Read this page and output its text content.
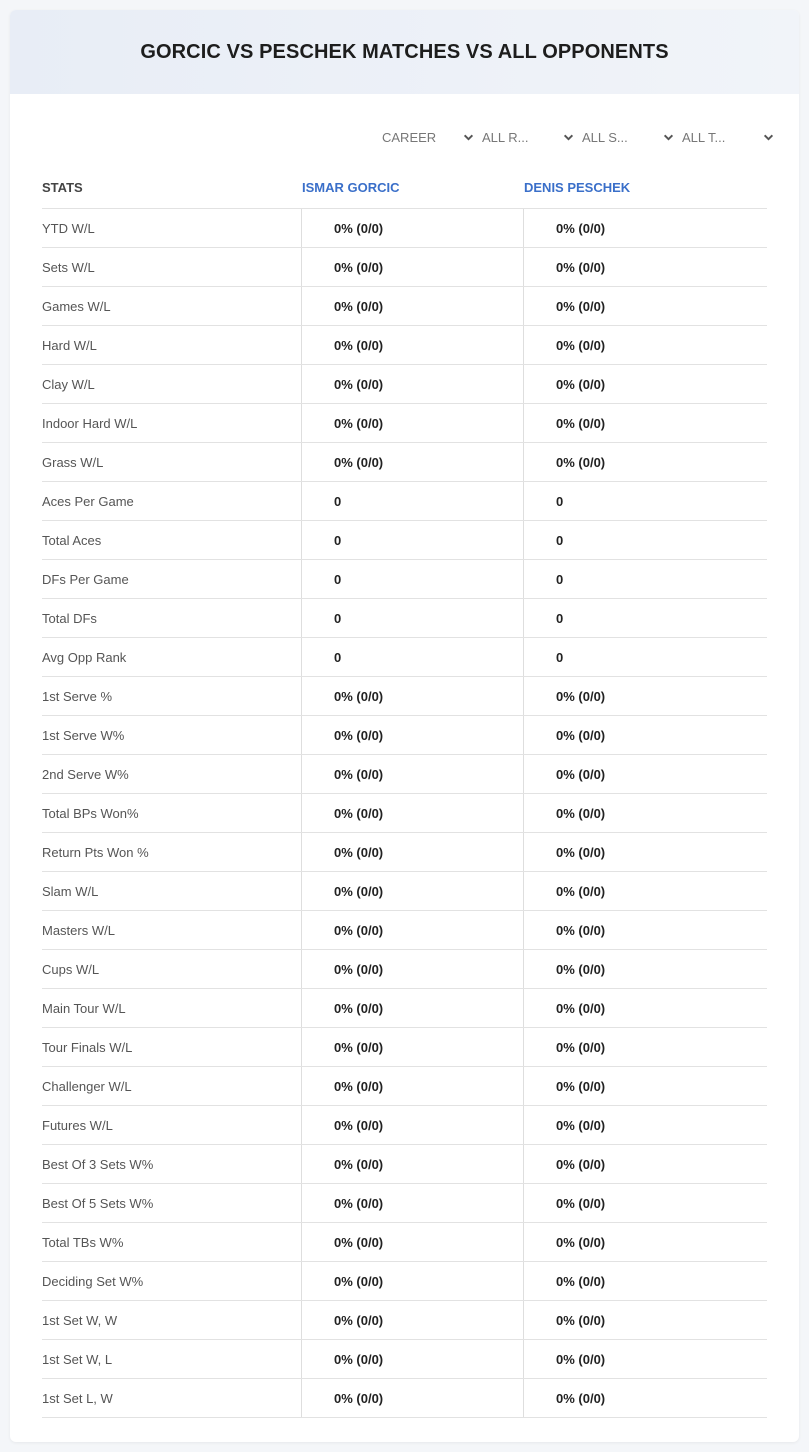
GORCIC VS PESCHEK MATCHES VS ALL OPPONENTS
CAREER	ALL R...	ALL S...	ALL T...
STATS	ISMAR GORCIC	DENIS PESCHEK
YTD W/L	0% (0/0)	0% (0/0)
Sets W/L	0% (0/0)	0% (0/0)
Games W/L	0% (0/0)	0% (0/0)
Hard W/L	0% (0/0)	0% (0/0)
Clay W/L	0% (0/0)	0% (0/0)
Indoor Hard W/L	0% (0/0)	0% (0/0)
Grass W/L	0% (0/0)	0% (0/0)
Aces Per Game	0	0
Total Aces	0	0
DFs Per Game	0	0
Total DFs	0	0
Avg Opp Rank	0	0
1st Serve %	0% (0/0)	0% (0/0)
1st Serve W%	0% (0/0)	0% (0/0)
2nd Serve W%	0% (0/0)	0% (0/0)
Total BPs Won%	0% (0/0)	0% (0/0)
Return Pts Won %	0% (0/0)	0% (0/0)
Slam W/L	0% (0/0)	0% (0/0)
Masters W/L	0% (0/0)	0% (0/0)
Cups W/L	0% (0/0)	0% (0/0)
Main Tour W/L	0% (0/0)	0% (0/0)
Tour Finals W/L	0% (0/0)	0% (0/0)
Challenger W/L	0% (0/0)	0% (0/0)
Futures W/L	0% (0/0)	0% (0/0)
Best Of 3 Sets W%	0% (0/0)	0% (0/0)
Best Of 5 Sets W%	0% (0/0)	0% (0/0)
Total TBs W%	0% (0/0)	0% (0/0)
Deciding Set W%	0% (0/0)	0% (0/0)
1st Set W, W	0% (0/0)	0% (0/0)
1st Set W, L	0% (0/0)	0% (0/0)
1st Set L, W	0% (0/0)	0% (0/0)
